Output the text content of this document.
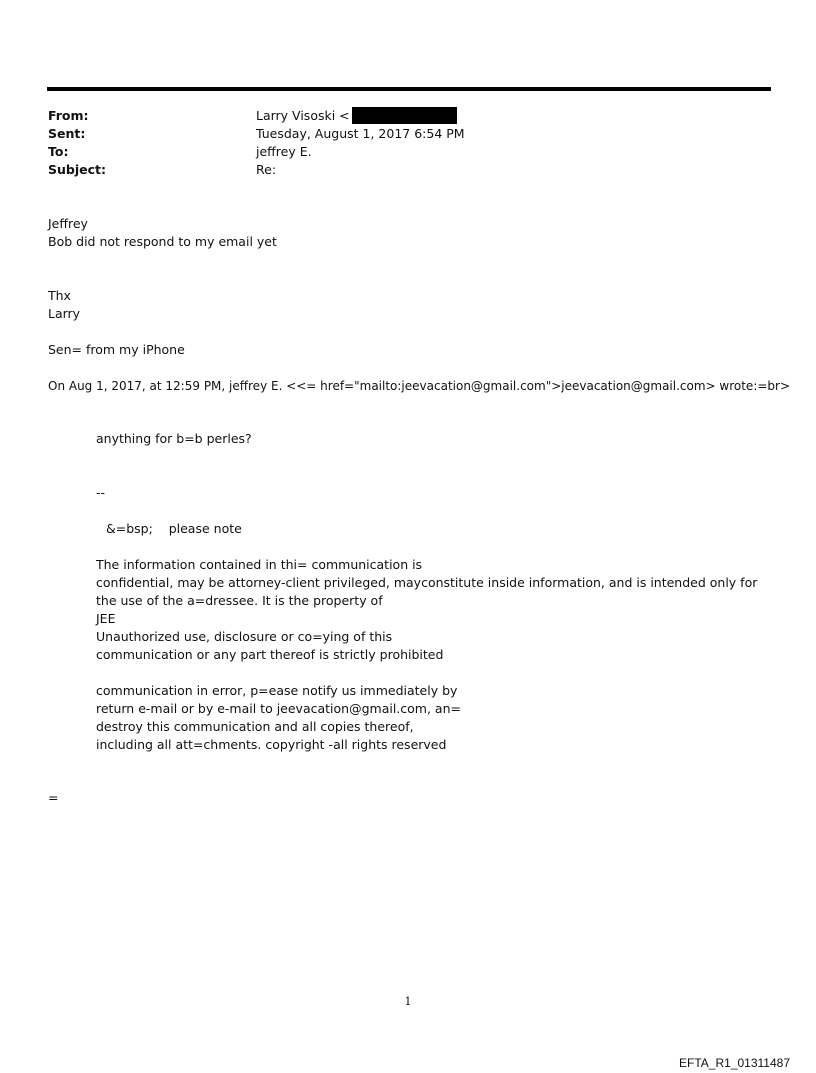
From:	Larry Visoski <
Sent:	Tuesday, August 1, 2017 6:54 PM
To:	jeffrey E.
Subject:	Re:
Jeffrey
Bob did not respond to my email yet
Thx
Larry
Sen= from my iPhone
On Aug 1, 2017, at 12:59 PM, jeffrey E. <<= href="mailto:jeevacation@gmail.com">jeevacation@gmail.com> wrote:=br>
anything for b=b perles?
--
&=bsp;    please note
The information contained in thi= communication is
confidential, may be attorney-client privileged, mayconstitute inside information, and is intended only for
the use of the a=dressee. It is the property of
JEE
Unauthorized use, disclosure or co=ying of this
communication or any part thereof is strictly prohibited
communication in error, p=ease notify us immediately by
return e-mail or by e-mail to jeevacation@gmail.com, an=
destroy this communication and all copies thereof,
including all att=chments. copyright -all rights reserved
=
1
EFTA_R1_01311487
